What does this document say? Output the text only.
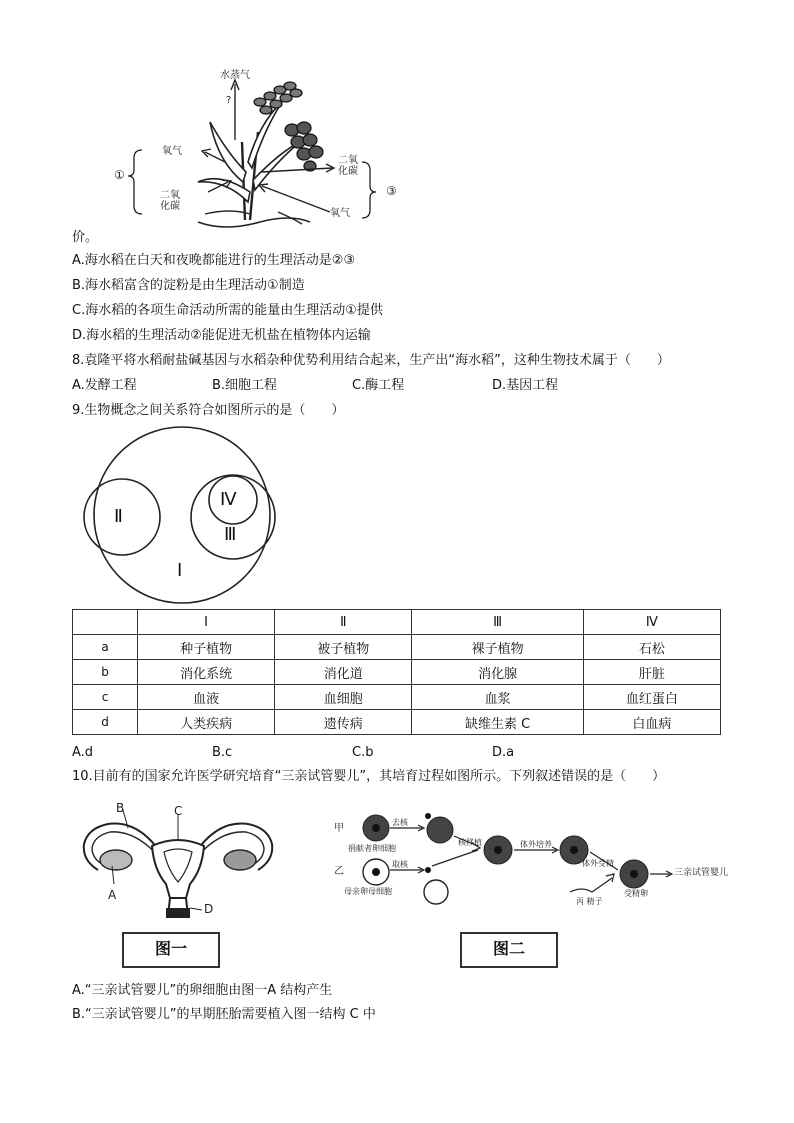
水蒸气
?
氧气
二氧
化碳
①
二氧
化碳
氧气
③
价。
A.海水稻在白天和夜晚都能进行的生理活动是②③
B.海水稻富含的淀粉是由生理活动①制造
C.海水稻的各项生命活动所需的能量由生理活动①提供
D.海水稻的生理活动②能促进无机盐在植物体内运输
8.袁隆平将水稻耐盐碱基因与水稻杂种优势利用结合起来，生产出“海水稻”，这种生物技术属于（　　）
A.发酵工程	B.细胞工程	C.酶工程	D.基因工程
9.生物概念之间关系符合如图所示的是（　　）
Ⅰ
Ⅱ
Ⅲ
Ⅳ
	Ⅰ	Ⅱ	Ⅲ	Ⅳ
a	种子植物	被子植物	裸子植物	石松
b	消化系统	消化道	消化腺	肝脏
c	血液	血细胞	血浆	血红蛋白
d	人类疾病	遗传病	缺维生素 C	白血病
A.d	B.c	C.b	D.a
10.目前有的国家允许医学研究培育“三亲试管婴儿”，其培育过程如图所示。下列叙述错误的是（　　）
B	C
A
D
图一
甲
乙
去核
取核
捐献者卵细胞
母亲卵母细胞
核移植	体外培养
体外受精
丙 精子
受精卵
三亲试管婴儿
图二
A.“三亲试管婴儿”的卵细胞由图一A 结构产生
B.“三亲试管婴儿”的早期胚胎需要植入图一结构 C 中
